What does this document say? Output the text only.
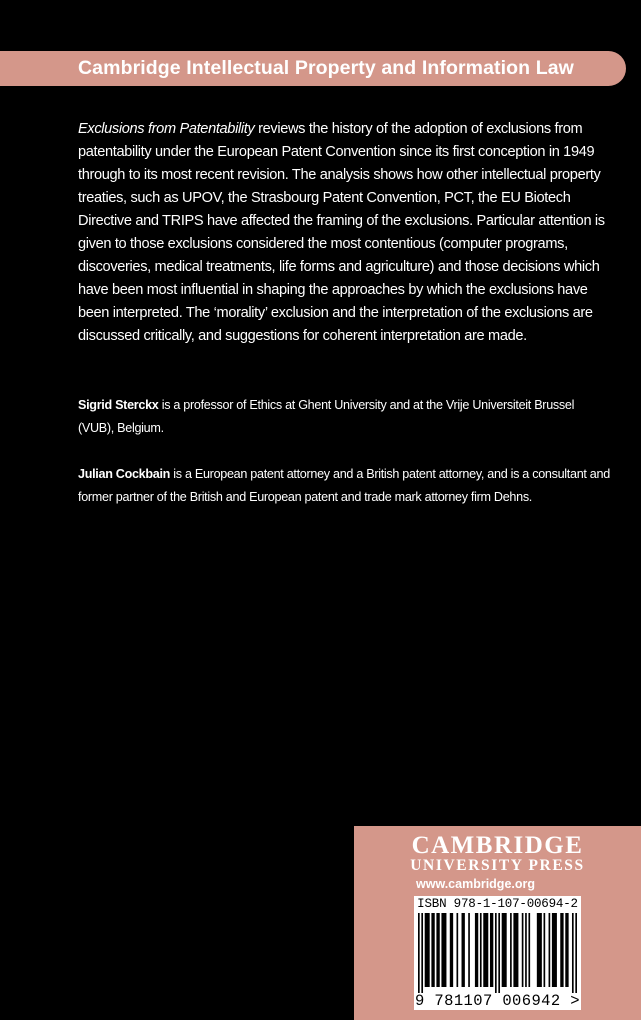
Cambridge Intellectual Property and Information Law

Exclusions from Patentability reviews the history of the adoption of exclusions from patentability under the European Patent Convention since its first conception in 1949 through to its most recent revision. The analysis shows how other intellectual property treaties, such as UPOV, the Strasbourg Patent Convention, PCT, the EU Biotech Directive and TRIPS have affected the framing of the exclusions. Particular attention is given to those exclusions considered the most contentious (computer programs, discoveries, medical treatments, life forms and agriculture) and those decisions which have been most influential in shaping the approaches by which the exclusions have been interpreted. The ‘morality’ exclusion and the interpretation of the exclusions are discussed critically, and suggestions for coherent interpretation are made.

Sigrid Sterckx is a professor of Ethics at Ghent University and at the Vrije Universiteit Brussel (VUB), Belgium.

Julian Cockbain is a European patent attorney and a British patent attorney, and is a consultant and former partner of the British and European patent and trade mark attorney firm Dehns.

CAMBRIDGE
UNIVERSITY PRESS
www.cambridge.org
ISBN 978-1-107-00694-2
9 781107 006942 >
